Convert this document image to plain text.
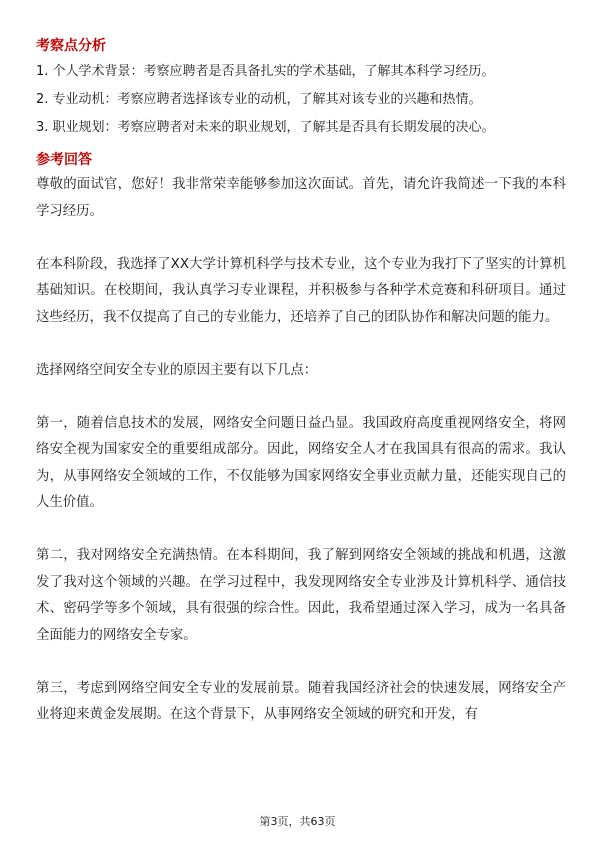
考察点分析

1. 个人学术背景：考察应聘者是否具备扎实的学术基础，了解其本科学习经历。

2. 专业动机：考察应聘者选择该专业的动机，了解其对该专业的兴趣和热情。

3. 职业规划：考察应聘者对未来的职业规划，了解其是否具有长期发展的决心。

参考回答

尊敬的面试官，您好！我非常荣幸能够参加这次面试。首先，请允许我简述一下我的本科学习经历。

在本科阶段，我选择了XX大学计算机科学与技术专业，这个专业为我打下了坚实的计算机基础知识。在校期间，我认真学习专业课程，并积极参与各种学术竞赛和科研项目。通过这些经历，我不仅提高了自己的专业能力，还培养了自己的团队协作和解决问题的能力。

选择网络空间安全专业的原因主要有以下几点：

第一，随着信息技术的发展，网络安全问题日益凸显。我国政府高度重视网络安全，将网络安全视为国家安全的重要组成部分。因此，网络安全人才在我国具有很高的需求。我认为，从事网络安全领域的工作，不仅能够为国家网络安全事业贡献力量，还能实现自己的人生价值。

第二，我对网络安全充满热情。在本科期间，我了解到网络安全领域的挑战和机遇，这激发了我对这个领域的兴趣。在学习过程中，我发现网络安全专业涉及计算机科学、通信技术、密码学等多个领域，具有很强的综合性。因此，我希望通过深入学习，成为一名具备全面能力的网络安全专家。

第三，考虑到网络空间安全专业的发展前景。随着我国经济社会的快速发展，网络安全产业将迎来黄金发展期。在这个背景下，从事网络安全领域的研究和开发，有

第3页，共63页
